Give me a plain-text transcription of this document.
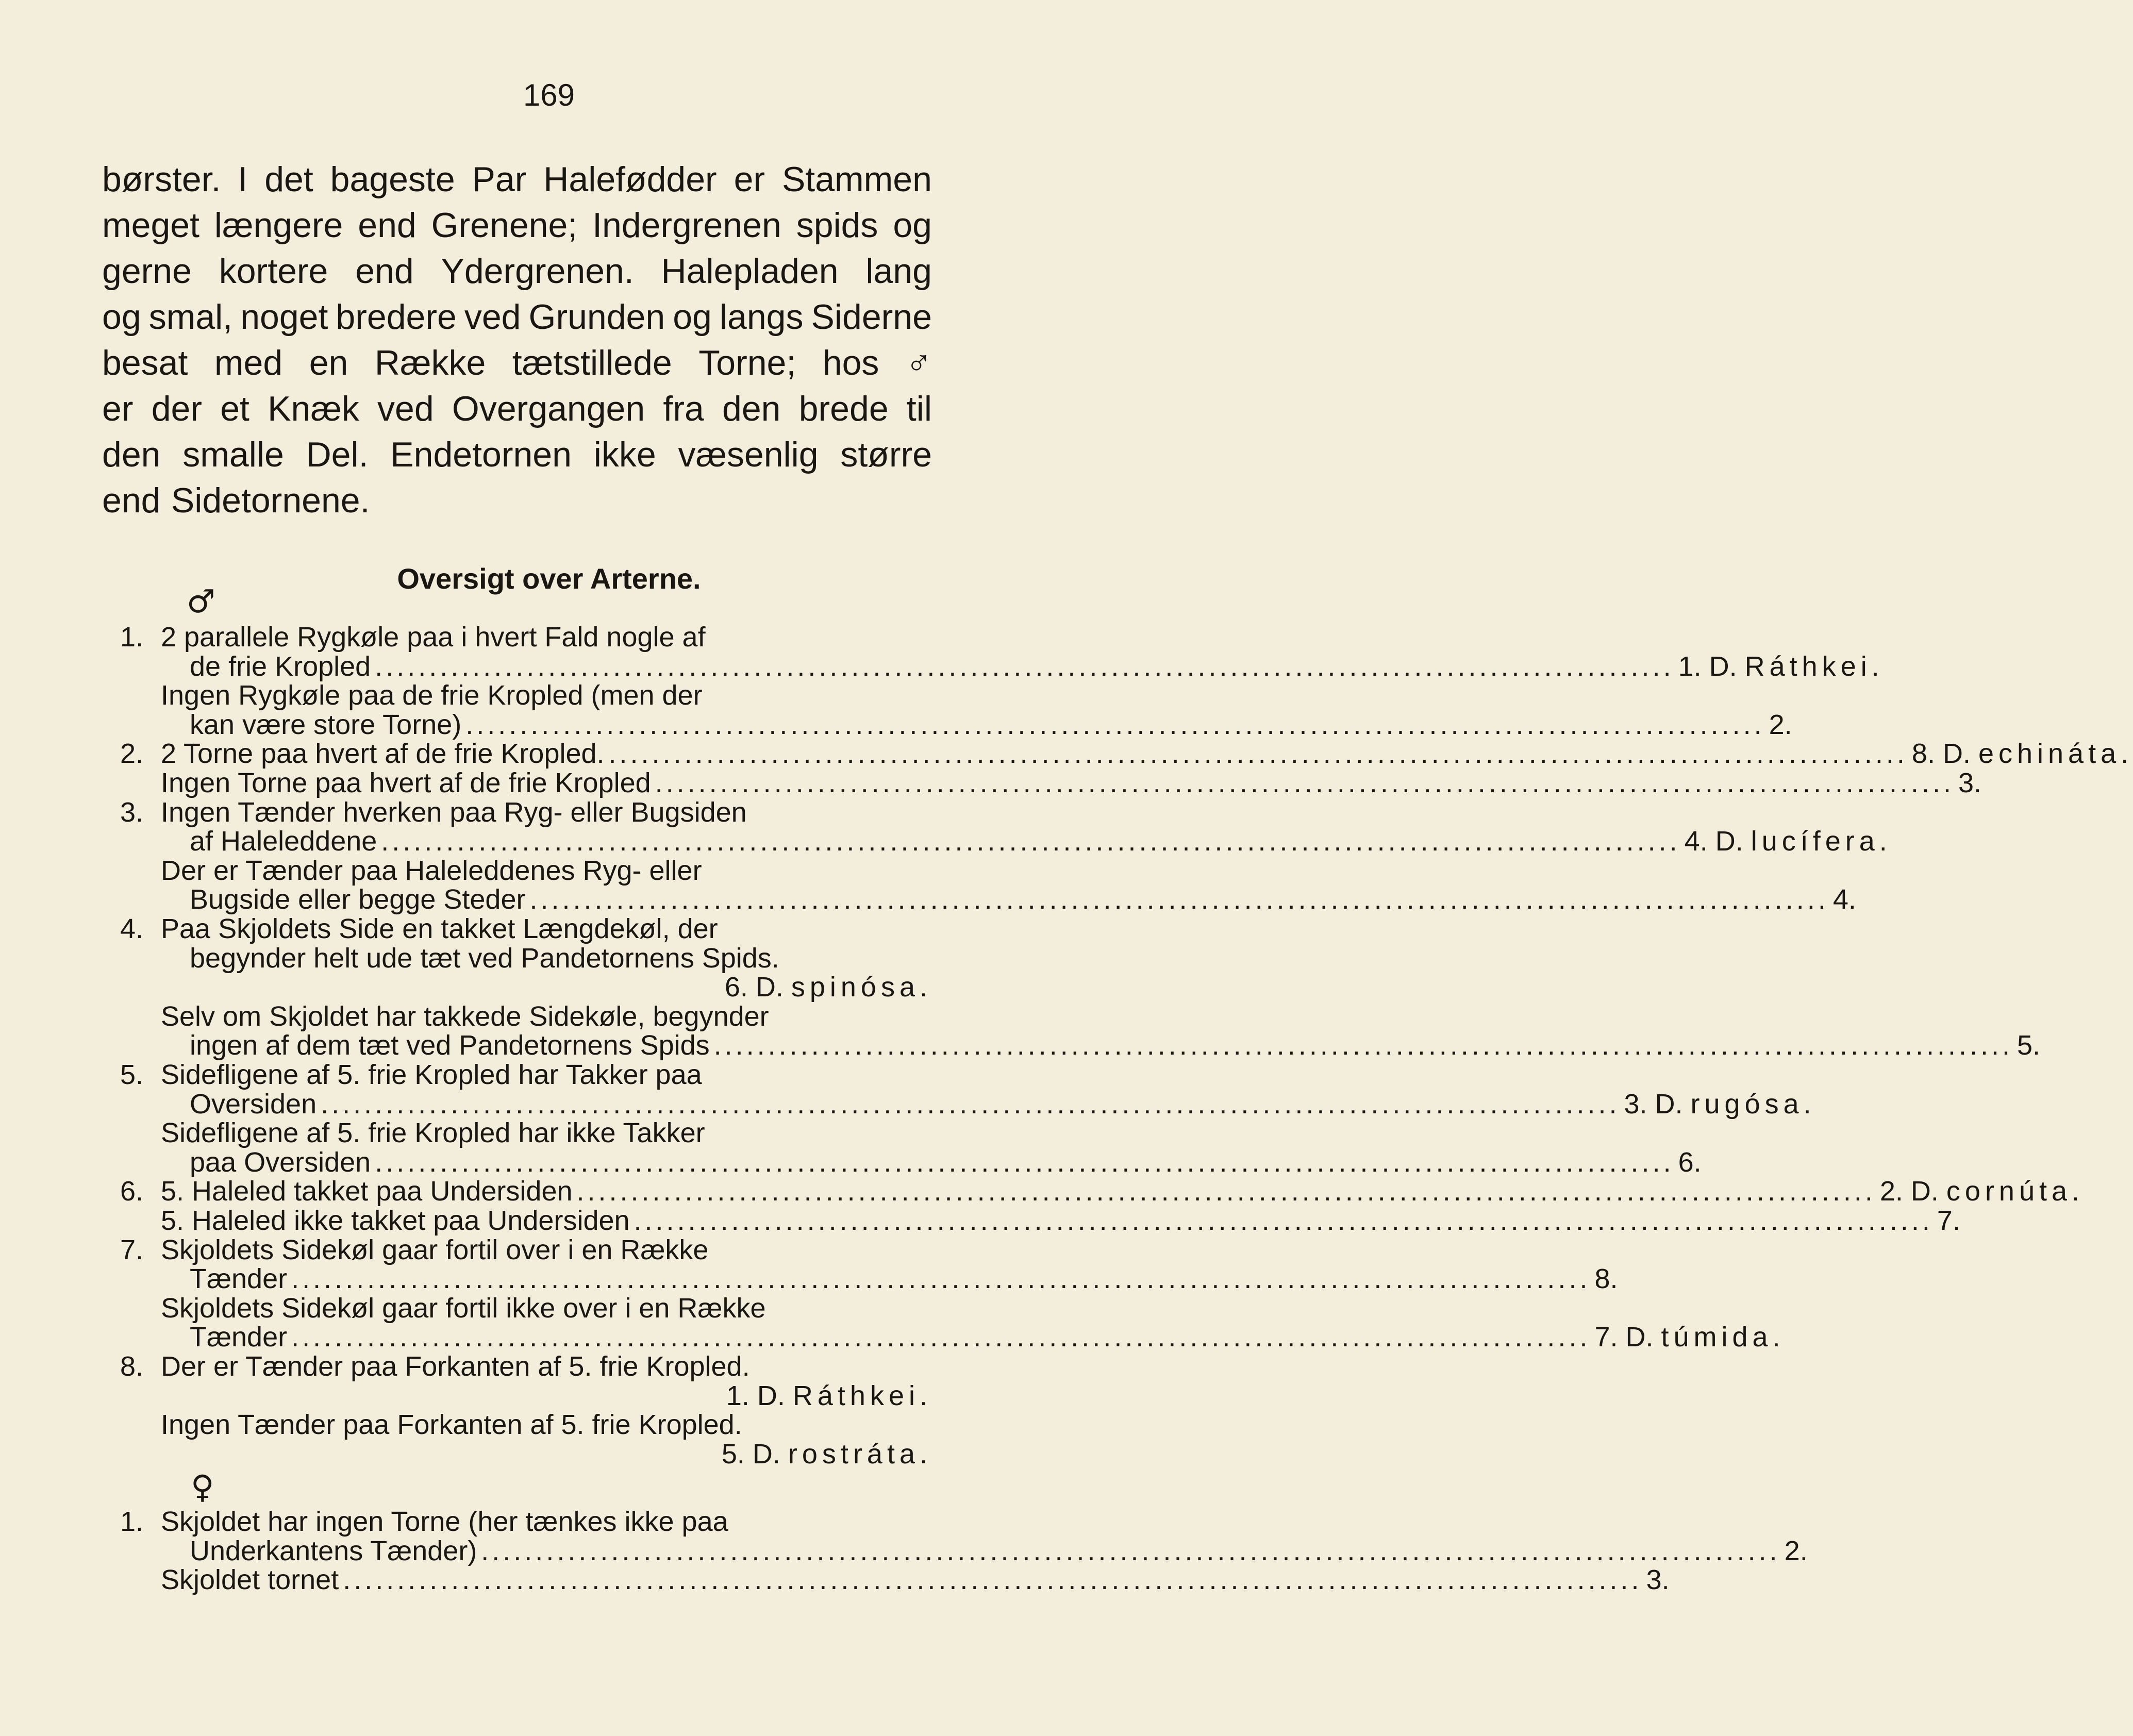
169
børster. I det bageste Par Halefødder er Stammen
meget længere end Grenene; Indergrenen spids og
gerne kortere end Ydergrenen. Halepladen lang
og smal, noget bredere ved Grunden og langs Siderne
besat med en Række tætstillede Torne; hos ♂
er der et Knæk ved Overgangen fra den brede til
den smalle Del. Endetornen ikke væsenlig større
end Sidetornene.
♂
Oversigt over Arterne.
1. 2 parallele Rygkøle paa i hvert Fald nogle af
de frie Kropled ........................................................................................................................ 1. D. Ráthkei.
Ingen Rygkøle paa de frie Kropled (men der
kan være store Torne) ........................................................................................................................ 2.
2. 2 Torne paa hvert af de frie Kropled. ........................................................................................................................ 8. D. echináta.
Ingen Torne paa hvert af de frie Kropled ........................................................................................................................ 3.
3. Ingen Tænder hverken paa Ryg- eller Bugsiden
af Haleleddene ........................................................................................................................ 4. D. lucífera.
Der er Tænder paa Haleleddenes Ryg- eller
Bugside eller begge Steder ........................................................................................................................ 4.
4. Paa Skjoldets Side en takket Længdekøl, der
begynder helt ude tæt ved Pandetornens Spids.
6. D. spinósa.
Selv om Skjoldet har takkede Sidekøle, begynder
ingen af dem tæt ved Pandetornens Spids ........................................................................................................................ 5.
5. Sidefligene af 5. frie Kropled har Takker paa
Oversiden ........................................................................................................................ 3. D. rugósa.
Sidefligene af 5. frie Kropled har ikke Takker
paa Oversiden ........................................................................................................................ 6.
6. 5. Haleled takket paa Undersiden ........................................................................................................................ 2. D. cornúta.
5. Haleled ikke takket paa Undersiden ........................................................................................................................ 7.
7. Skjoldets Sidekøl gaar fortil over i en Række
Tænder ........................................................................................................................ 8.
Skjoldets Sidekøl gaar fortil ikke over i en Række
Tænder ........................................................................................................................ 7. D. túmida.
8. Der er Tænder paa Forkanten af 5. frie Kropled.
1. D. Ráthkei.
Ingen Tænder paa Forkanten af 5. frie Kropled.
5. D. rostráta.
♀
1. Skjoldet har ingen Torne (her tænkes ikke paa
Underkantens Tænder) ........................................................................................................................ 2.
Skjoldet tornet ........................................................................................................................ 3.
